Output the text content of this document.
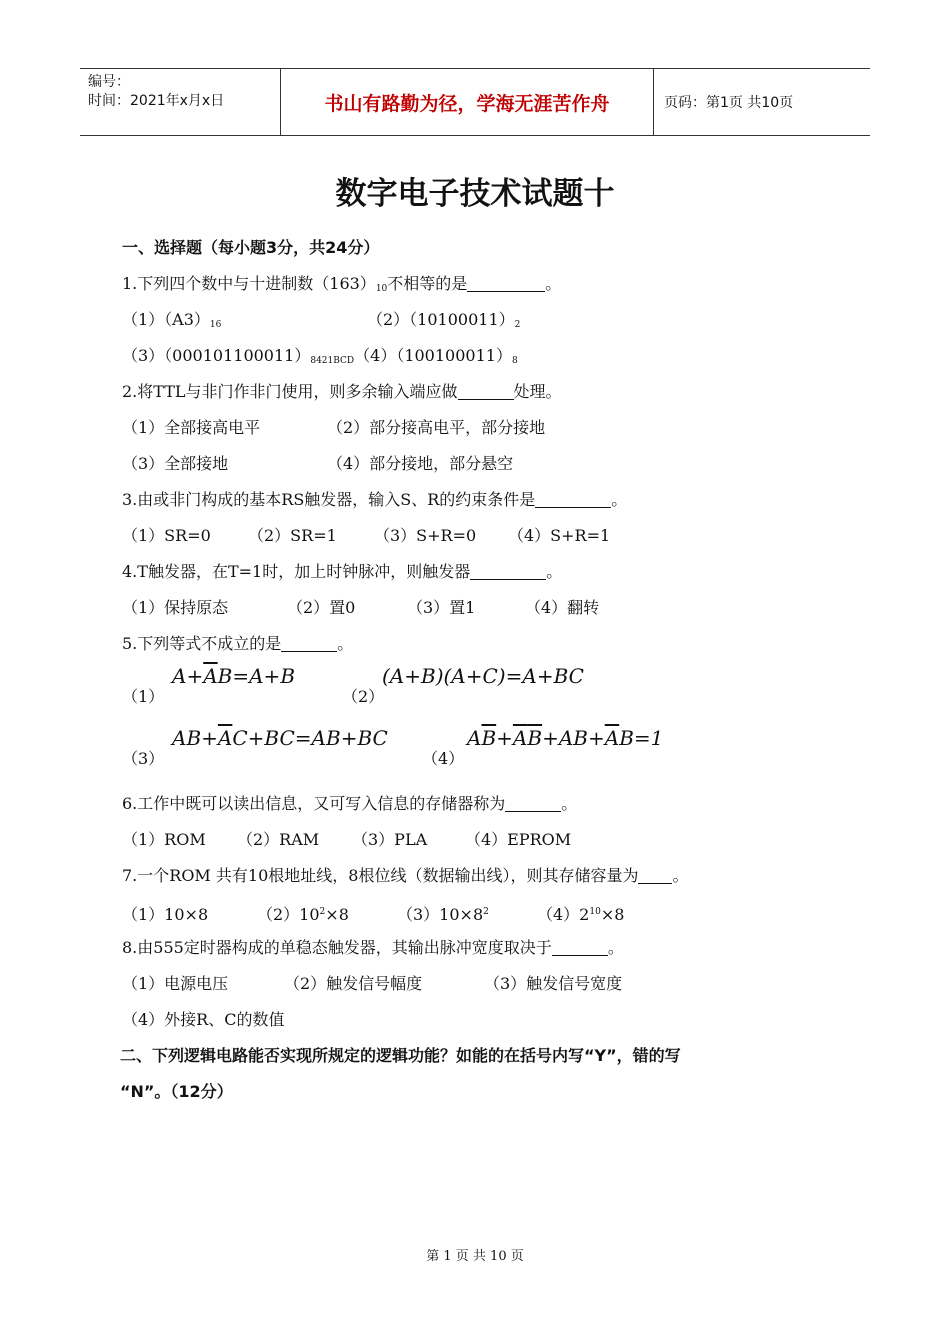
编号：
时间：2021年x月x日	书山有路勤为径，学海无涯苦作舟	页码：第1页 共10页
数字电子技术试题十
一、选择题（每小题3分，共24分）
1.下列四个数中与十进制数$(163)_{10}$不相等的是	。
$(1)(A3)_{16}$	$(2)(10100011)_2$
$(3)(000101100011)_{8421BCD}(4)(100100011)_8$
2.将TTL与非门作非门使用，则多余输入端应做	处理。
（1）全部接高电平	（2）部分接高电平，部分接地
（3）全部接地	（4）部分接地，部分悬空
3.由或非门构成的基本RS触发器，输入S、R的约束条件是	。
（1）SR=0 （2）SR=1 （3）S+R=0 （4）S+R=1
4.T触发器，在T=1时，加上时钟脉冲，则触发器	。
（1）保持原态	（2）置0	（3）置1	（4）翻转
5.下列等式不成立的是	。
（1）
$A+\overline{A}B=A+B$
（2）
(A+B)(A+C)=A+BC
（3）
$AB+\overline{A}C+BC=AB+BC$
（4）
$A\overline{B}+\overline{A}\overline{B}+AB+\overline{A}B=1$
6.工作中既可以读出信息，又可写入信息的存储器称为	。
（1）ROM （2）RAM （3）PLA （4）EPROM
7.一个ROM 共有10根地址线，8根位线（数据输出线），则其存储容量为 。
（1）10×8	$(2)10^2\times 8$	$(3)10\times 8^2$	$(4)2^{10}\times 8$
8.由555定时器构成的单稳态触发器，其输出脉冲宽度取决于	。
（1）电源电压	（2）触发信号幅度	（3）触发信号宽度
（4）外接R、C的数值
二、下列逻辑电路能否实现所规定的逻辑功能？如能的在括号内写“Y”，错的写
“N”。（12分）
第 1 页 共 10 页
